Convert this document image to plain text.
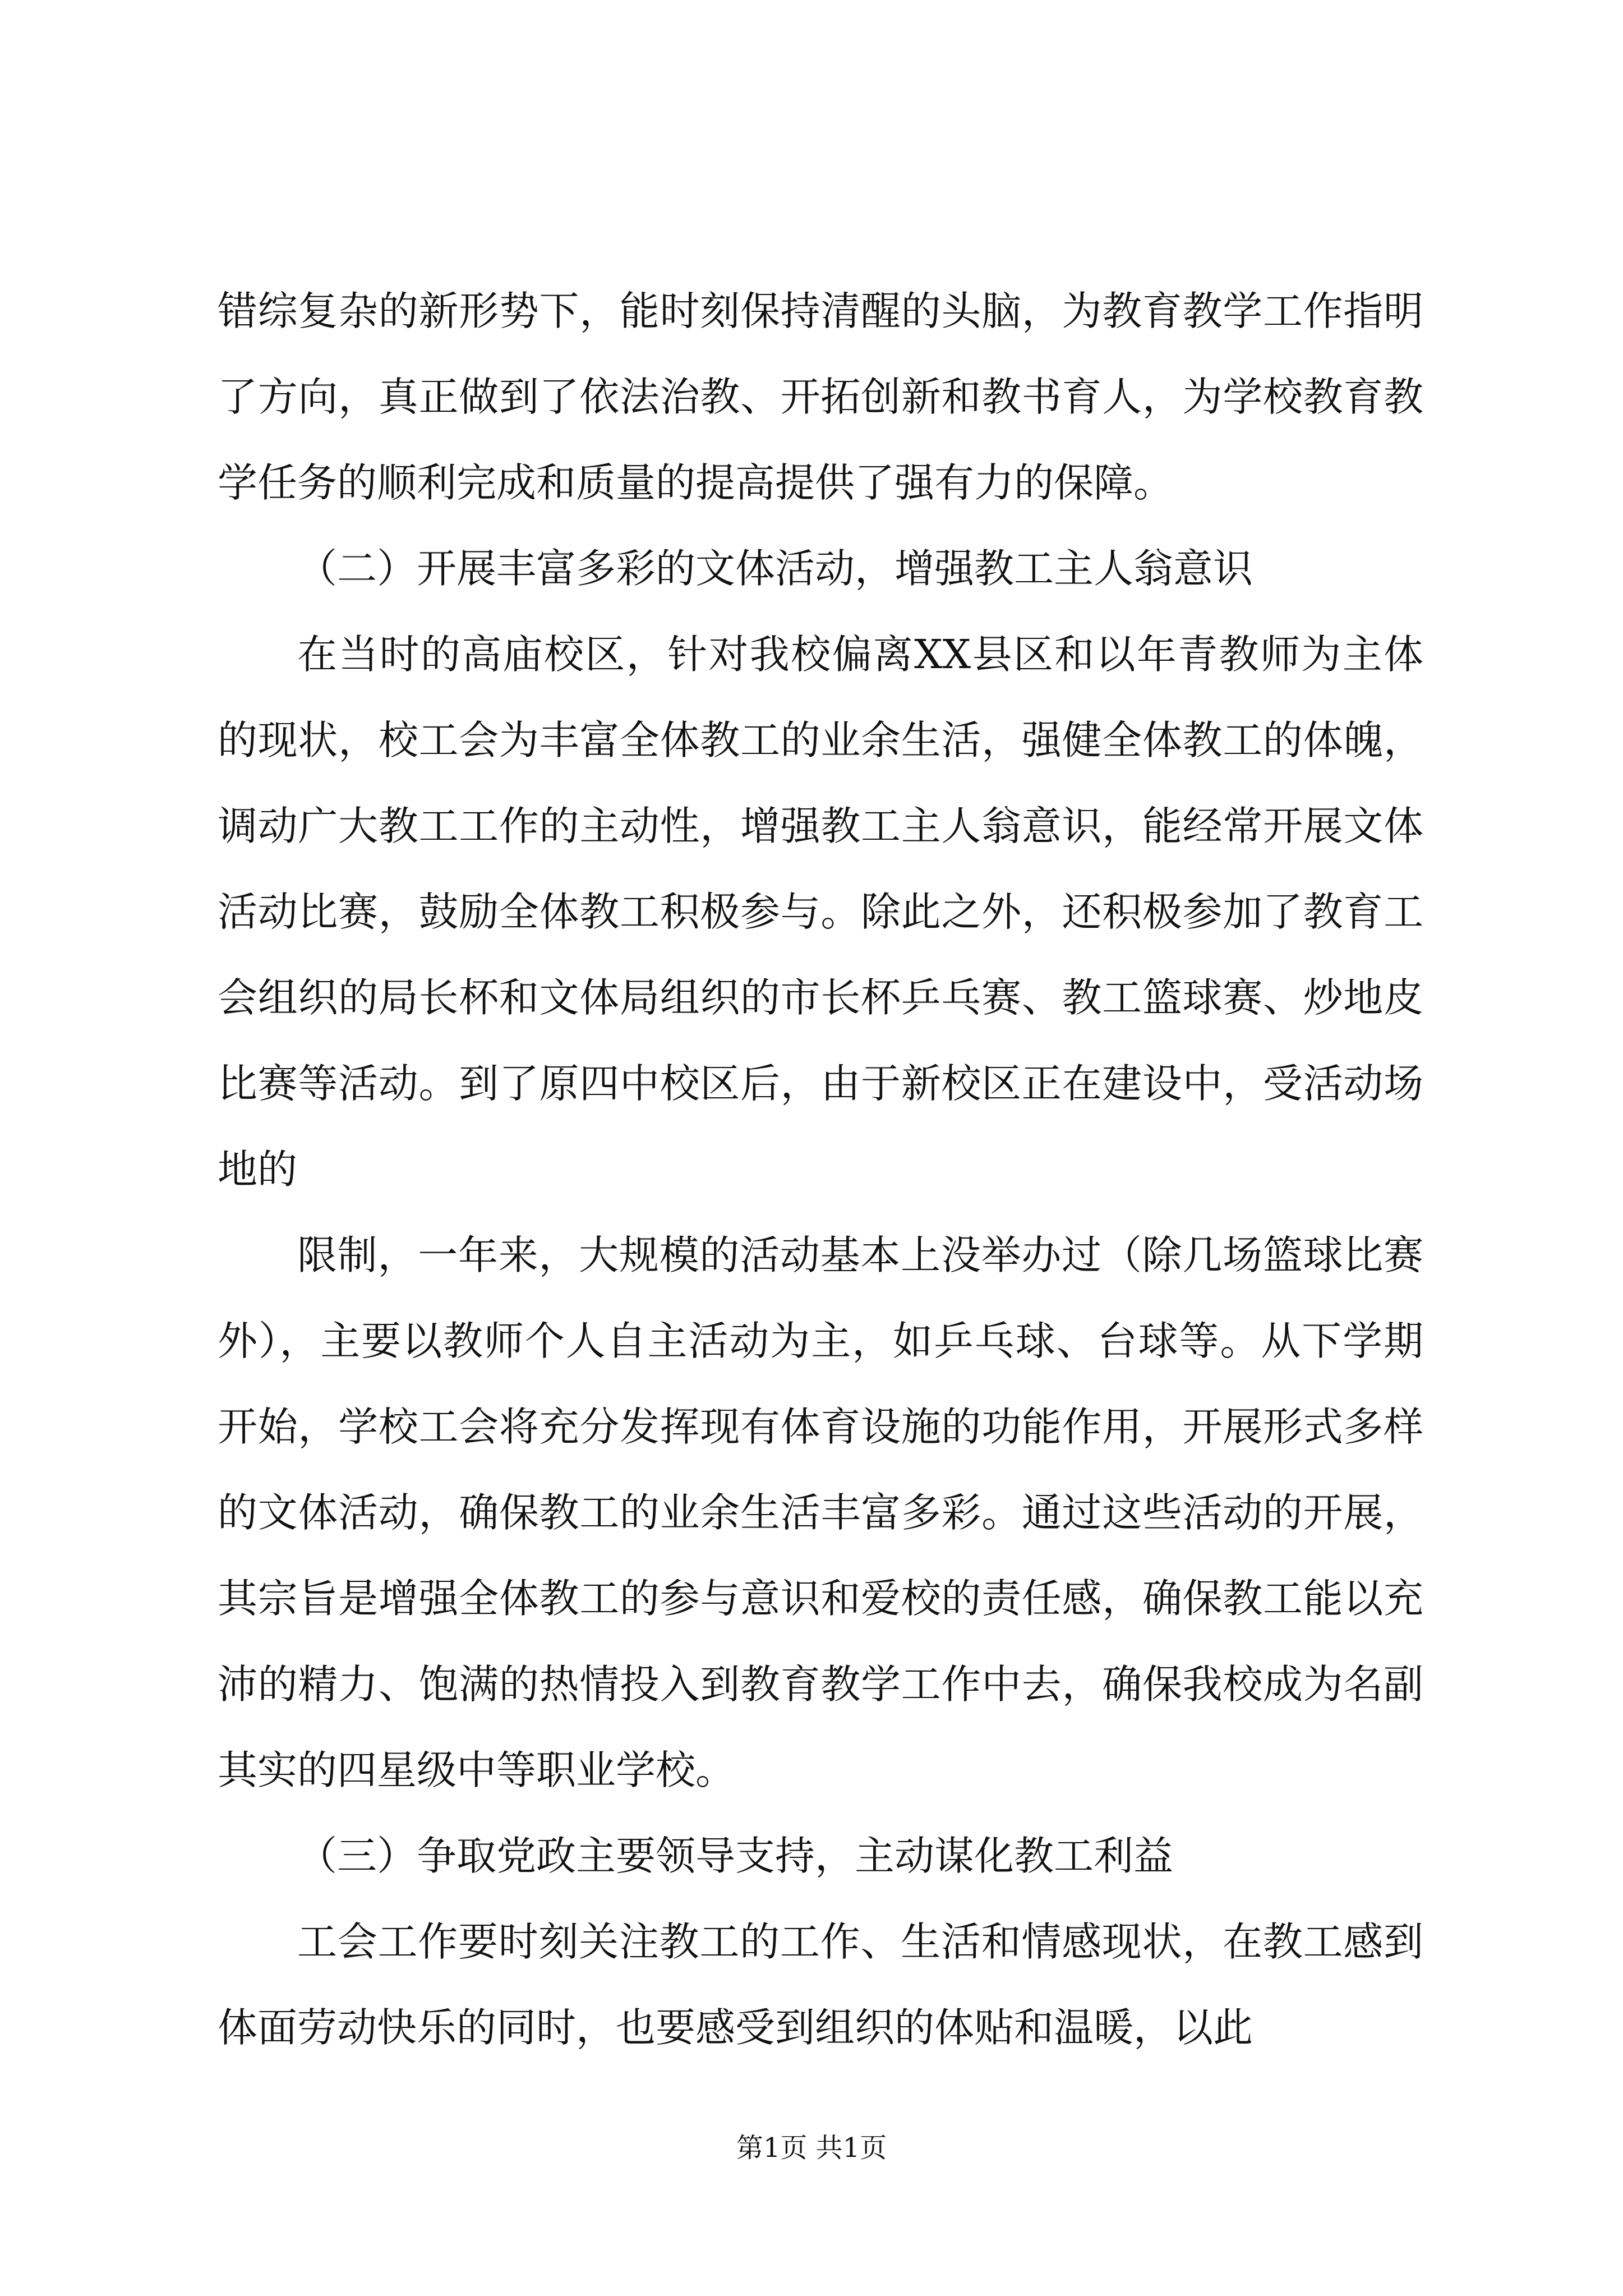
错综复杂的新形势下，能时刻保持清醒的头脑，为教育教学工作指明了方向，真正做到了依法治教、开拓创新和教书育人，为学校教育教学任务的顺利完成和质量的提高提供了强有力的保障。

（二）开展丰富多彩的文体活动，增强教工主人翁意识

在当时的高庙校区，针对我校偏离XX县区和以年青教师为主体的现状，校工会为丰富全体教工的业余生活，强健全体教工的体魄，调动广大教工工作的主动性，增强教工主人翁意识，能经常开展文体活动比赛，鼓励全体教工积极参与。除此之外，还积极参加了教育工会组织的局长杯和文体局组织的市长杯乒乓赛、教工篮球赛、炒地皮比赛等活动。到了原四中校区后，由于新校区正在建设中，受活动场地的

限制，一年来，大规模的活动基本上没举办过（除几场篮球比赛外），主要以教师个人自主活动为主，如乒乓球、台球等。从下学期开始，学校工会将充分发挥现有体育设施的功能作用，开展形式多样的文体活动，确保教工的业余生活丰富多彩。通过这些活动的开展，其宗旨是增强全体教工的参与意识和爱校的责任感，确保教工能以充沛的精力、饱满的热情投入到教育教学工作中去，确保我校成为名副其实的四星级中等职业学校。

（三）争取党政主要领导支持，主动谋化教工利益

工会工作要时刻关注教工的工作、生活和情感现状，在教工感到体面劳动快乐的同时，也要感受到组织的体贴和温暖，以此

第1页 共1页
